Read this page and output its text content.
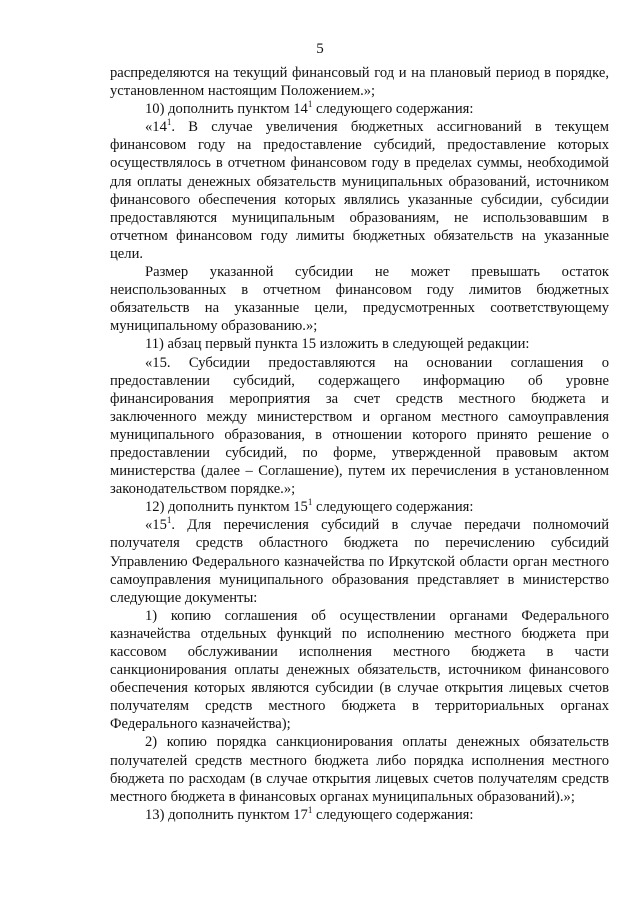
5

распределяются на текущий финансовый год и на плановый период в порядке, установленном настоящим Положением.»;

10) дополнить пунктом $14^1$ следующего содержания:

«$14^1$. В случае увеличения бюджетных ассигнований в текущем финансовом году на предоставление субсидий, предоставление которых осуществлялось в отчетном финансовом году в пределах суммы, необходимой для оплаты денежных обязательств муниципальных образований, источником финансового обеспечения которых являлись указанные субсидии, субсидии предоставляются муниципальным образованиям, не использовавшим в отчетном финансовом году лимиты бюджетных обязательств на указанные цели.

Размер указанной субсидии не может превышать остаток неиспользованных в отчетном финансовом году лимитов бюджетных обязательств на указанные цели, предусмотренных соответствующему муниципальному образованию.»;

11) абзац первый пункта 15 изложить в следующей редакции:

«15. Субсидии предоставляются на основании соглашения о предоставлении субсидий, содержащего информацию об уровне финансирования мероприятия за счет средств местного бюджета и заключенного между министерством и органом местного самоуправления муниципального образования, в отношении которого принято решение о предоставлении субсидий, по форме, утвержденной правовым актом министерства (далее – Соглашение), путем их перечисления в установленном законодательством порядке.»;

12) дополнить пунктом $15^1$ следующего содержания:

«$15^1$. Для перечисления субсидий в случае передачи полномочий получателя средств областного бюджета по перечислению субсидий Управлению Федерального казначейства по Иркутской области орган местного самоуправления муниципального образования представляет в министерство следующие документы:

1) копию соглашения об осуществлении органами Федерального казначейства отдельных функций по исполнению местного бюджета при кассовом обслуживании исполнения местного бюджета в части санкционирования оплаты денежных обязательств, источником финансового обеспечения которых являются субсидии (в случае открытия лицевых счетов получателям средств местного бюджета в территориальных органах Федерального казначейства);

2) копию порядка санкционирования оплаты денежных обязательств получателей средств местного бюджета либо порядка исполнения местного бюджета по расходам (в случае открытия лицевых счетов получателям средств местного бюджета в финансовых органах муниципальных образований).»;

13) дополнить пунктом $17^1$ следующего содержания:
